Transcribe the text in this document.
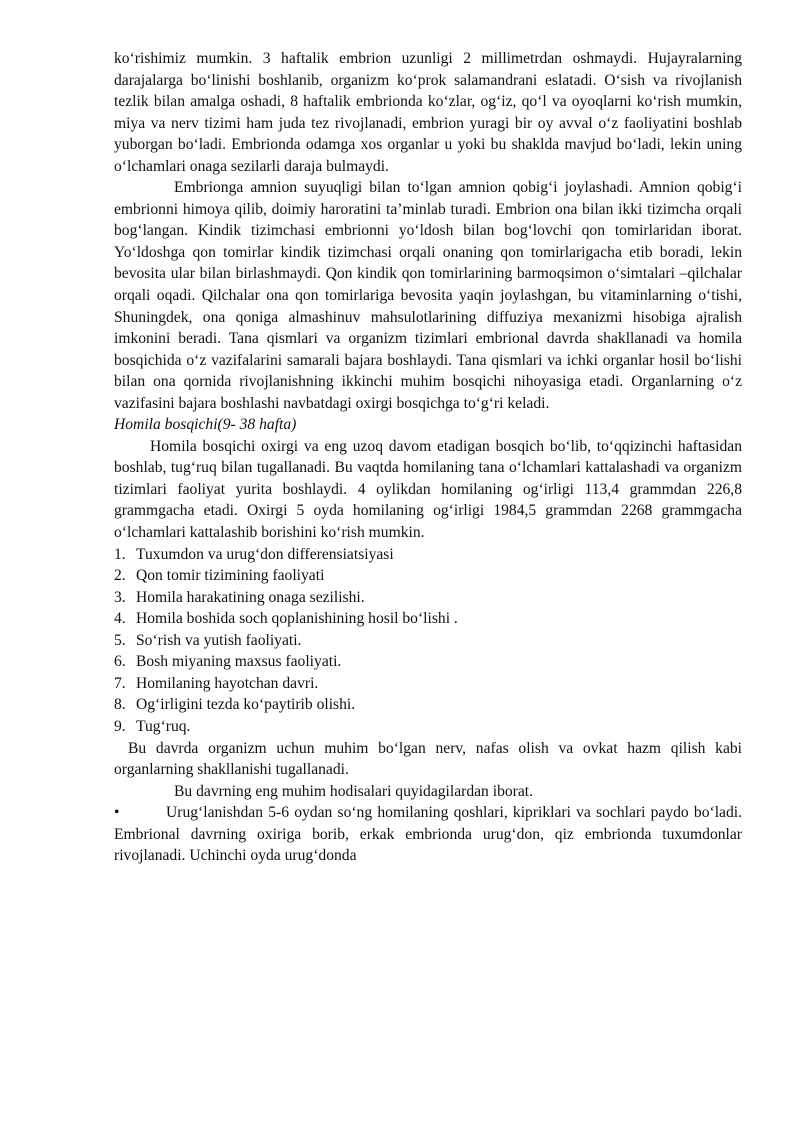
ko‘rishimiz mumkin. 3 haftalik embrion uzunligi 2 millimetrdan oshmaydi. Hujayralarning darajalarga bo‘linishi boshlanib, organizm ko‘prok salamandrani eslatadi. O‘sish va rivojlanish tezlik bilan amalga oshadi, 8 haftalik embrionda ko‘zlar, og‘iz, qo‘l va oyoqlarni ko‘rish mumkin, miya va nerv tizimi ham juda tez rivojlanadi, embrion yuragi bir oy avval o‘z faoliyatini boshlab yuborgan bo‘ladi. Embrionda odamga xos organlar u yoki bu shaklda mavjud bo‘ladi, lekin uning o‘lchamlari onaga sezilarli daraja bulmaydi.

Embrionga amnion suyuqligi bilan to‘lgan amnion qobig‘i joylashadi. Amnion qobig‘i embrionni himoya qilib, doimiy haroratini ta’minlab turadi. Embrion ona bilan ikki tizimcha orqali bog‘langan. Kindik tizimchasi embrionni yo‘ldosh bilan bog‘lovchi qon tomirlaridan iborat. Yo‘ldoshga qon tomirlar kindik tizimchasi orqali onaning qon tomirlarigacha etib boradi, lekin bevosita ular bilan birlashmaydi. Qon kindik qon tomirlarining barmoqsimon o‘simtalari –qilchalar orqali oqadi. Qilchalar ona qon tomirlariga bevosita yaqin joylashgan, bu vitaminlarning o‘tishi, Shuningdek, ona qoniga almashinuv mahsulotlarining diffuziya mexanizmi hisobiga ajralish imkonini beradi. Tana qismlari va organizm tizimlari embrional davrda shakllanadi va homila bosqichida o‘z vazifalarini samarali bajara boshlaydi. Tana qismlari va ichki organlar hosil bo‘lishi bilan ona qornida rivojlanishning ikkinchi muhim bosqichi nihoyasiga etadi. Organlarning o‘z vazifasini bajara boshlashi navbatdagi oxirgi bosqichga to‘g‘ri keladi.

Homila bosqichi(9- 38 hafta)

Homila bosqichi oxirgi va eng uzoq davom etadigan bosqich bo‘lib, to‘qqizinchi haftasidan boshlab, tug‘ruq bilan tugallanadi. Bu vaqtda homilaning tana o‘lchamlari kattalashadi va organizm tizimlari faoliyat yurita boshlaydi. 4 oylikdan homilaning og‘irligi 113,4 grammdan 226,8 grammgacha etadi. Oxirgi 5 oyda homilaning og‘irligi 1984,5 grammdan 2268 grammgacha o‘lchamlari kattalashib borishini ko‘rish mumkin.

1. Tuxumdon va urug‘don differensiatsiyasi
2. Qon tomir tizimining faoliyati
3. Homila harakatining onaga sezilishi.
4. Homila boshida soch qoplanishining hosil bo‘lishi .
5. So‘rish va yutish faoliyati.
6. Bosh miyaning maxsus faoliyati.
7. Homilaning hayotchan davri.
8. Og‘irligini tezda ko‘paytirib olishi.
9. Tug‘ruq.

Bu davrda organizm uchun muhim bo‘lgan nerv, nafas olish va ovkat hazm qilish kabi organlarning shakllanishi tugallanadi.

Bu davrning eng muhim hodisalari quyidagilardan iborat.

•	Urug‘lanishdan 5-6 oydan so‘ng homilaning qoshlari, kipriklari va sochlari paydo bo‘ladi. Embrional davrning oxiriga borib, erkak embrionda urug‘don, qiz embrionda tuxumdonlar rivojlanadi. Uchinchi oyda urug‘donda
